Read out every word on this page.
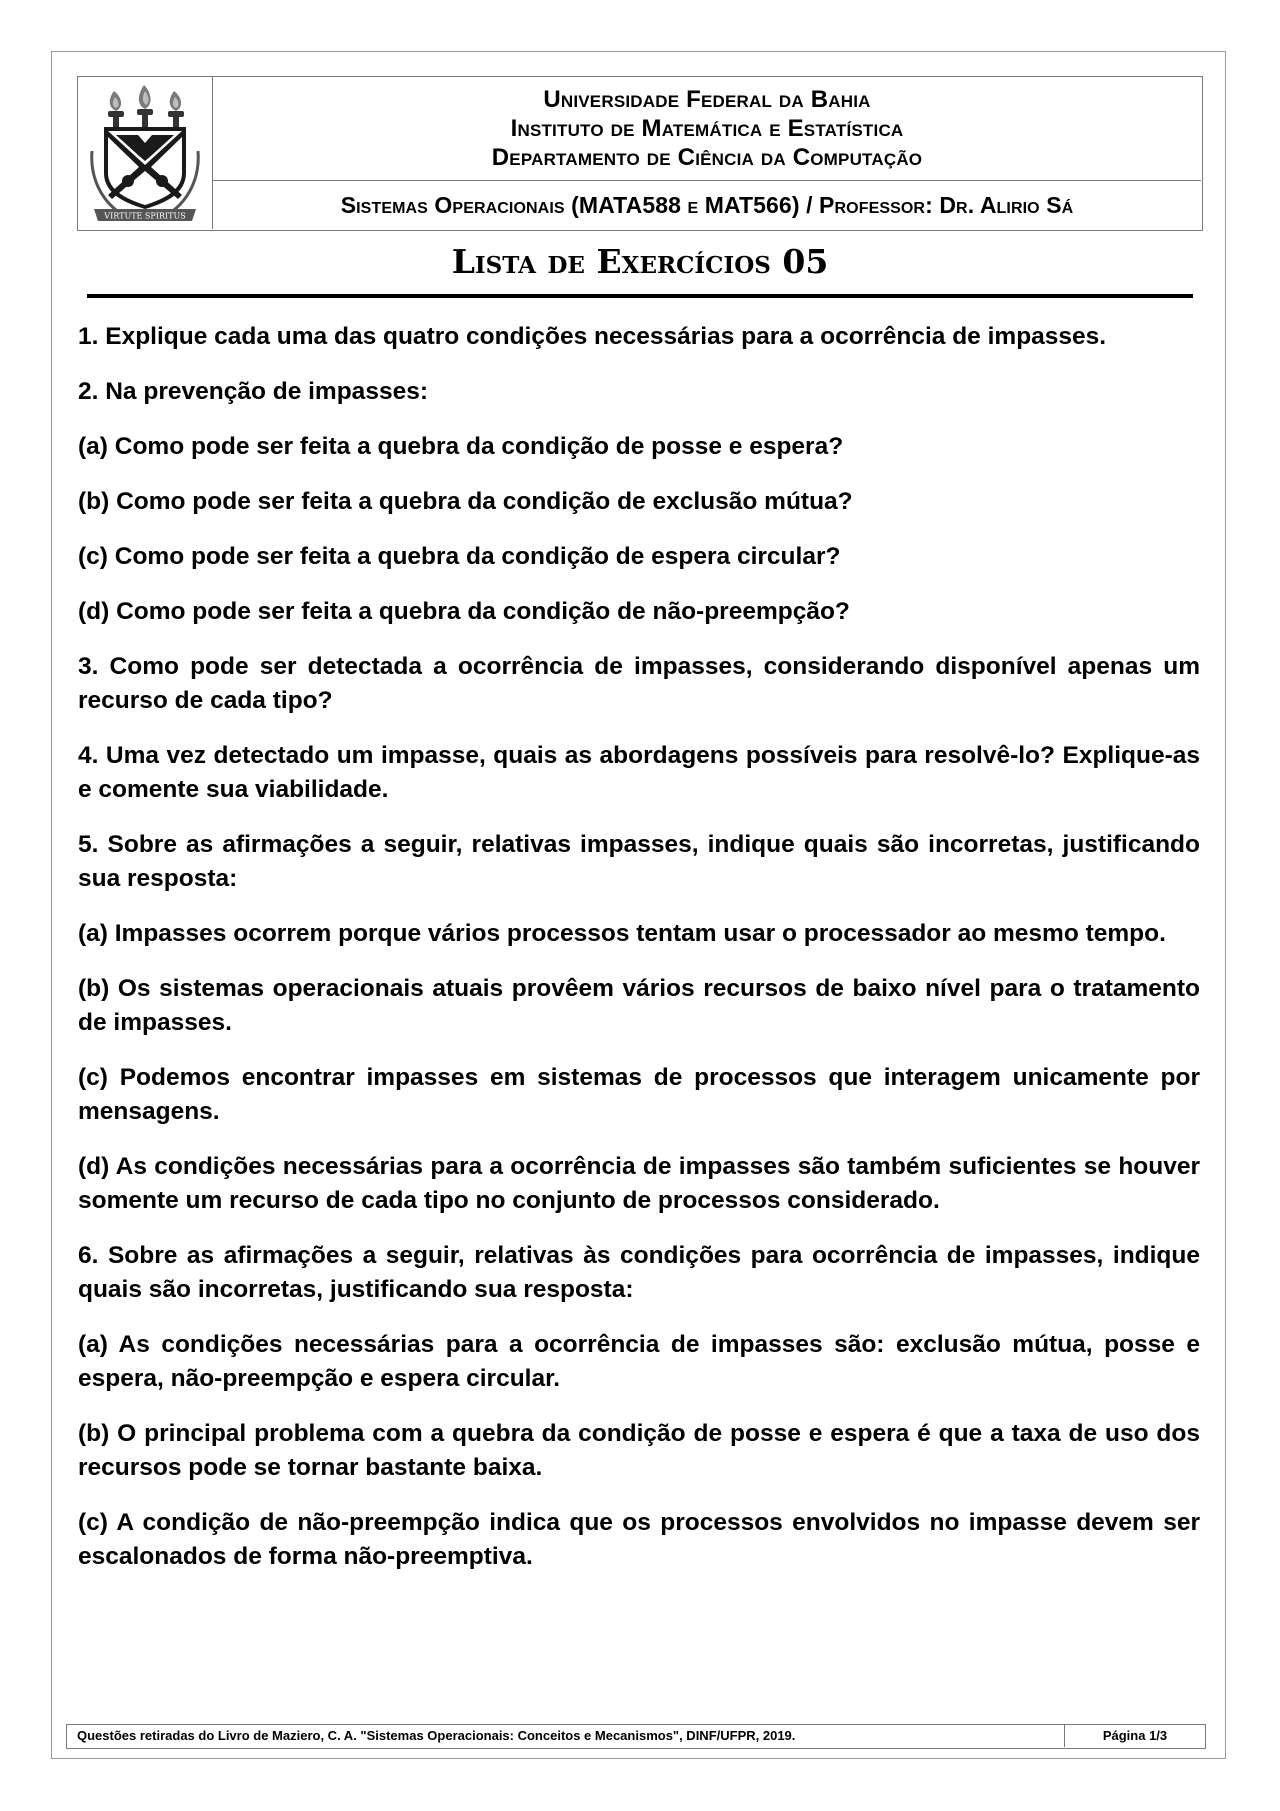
VIRTUTE SPIRITUS
Universidade Federal da Bahia
Instituto de Matemática e Estatística
Departamento de Ciência da Computação
Sistemas Operacionais (MATA588 e MAT566) / Professor: Dr. Alirio Sá
Lista de Exercícios 05

1. Explique cada uma das quatro condições necessárias para a ocorrência de impasses.

2. Na prevenção de impasses:

(a) Como pode ser feita a quebra da condição de posse e espera?

(b) Como pode ser feita a quebra da condição de exclusão mútua?

(c) Como pode ser feita a quebra da condição de espera circular?

(d) Como pode ser feita a quebra da condição de não-preempção?

3. Como pode ser detectada a ocorrência de impasses, considerando disponível apenas um recurso de cada tipo?

4. Uma vez detectado um impasse, quais as abordagens possíveis para resolvê-lo? Explique-as e comente sua viabilidade.

5. Sobre as afirmações a seguir, relativas impasses, indique quais são incorretas, justificando sua resposta:

(a) Impasses ocorrem porque vários processos tentam usar o processador ao mesmo tempo.

(b) Os sistemas operacionais atuais provêem vários recursos de baixo nível para o tratamento de impasses.

(c) Podemos encontrar impasses em sistemas de processos que interagem unicamente por mensagens.

(d) As condições necessárias para a ocorrência de impasses são também suficientes se houver somente um recurso de cada tipo no conjunto de processos considerado.

6. Sobre as afirmações a seguir, relativas às condições para ocorrência de impasses, indique quais são incorretas, justificando sua resposta:

(a) As condições necessárias para a ocorrência de impasses são: exclusão mútua, posse e espera, não-preempção e espera circular.

(b) O principal problema com a quebra da condição de posse e espera é que a taxa de uso dos recursos pode se tornar bastante baixa.

(c) A condição de não-preempção indica que os processos envolvidos no impasse devem ser escalonados de forma não-preemptiva.

Questões retiradas do Livro de Maziero, C. A. "Sistemas Operacionais: Conceitos e Mecanismos", DINF/UFPR, 2019.	Página 1/3
